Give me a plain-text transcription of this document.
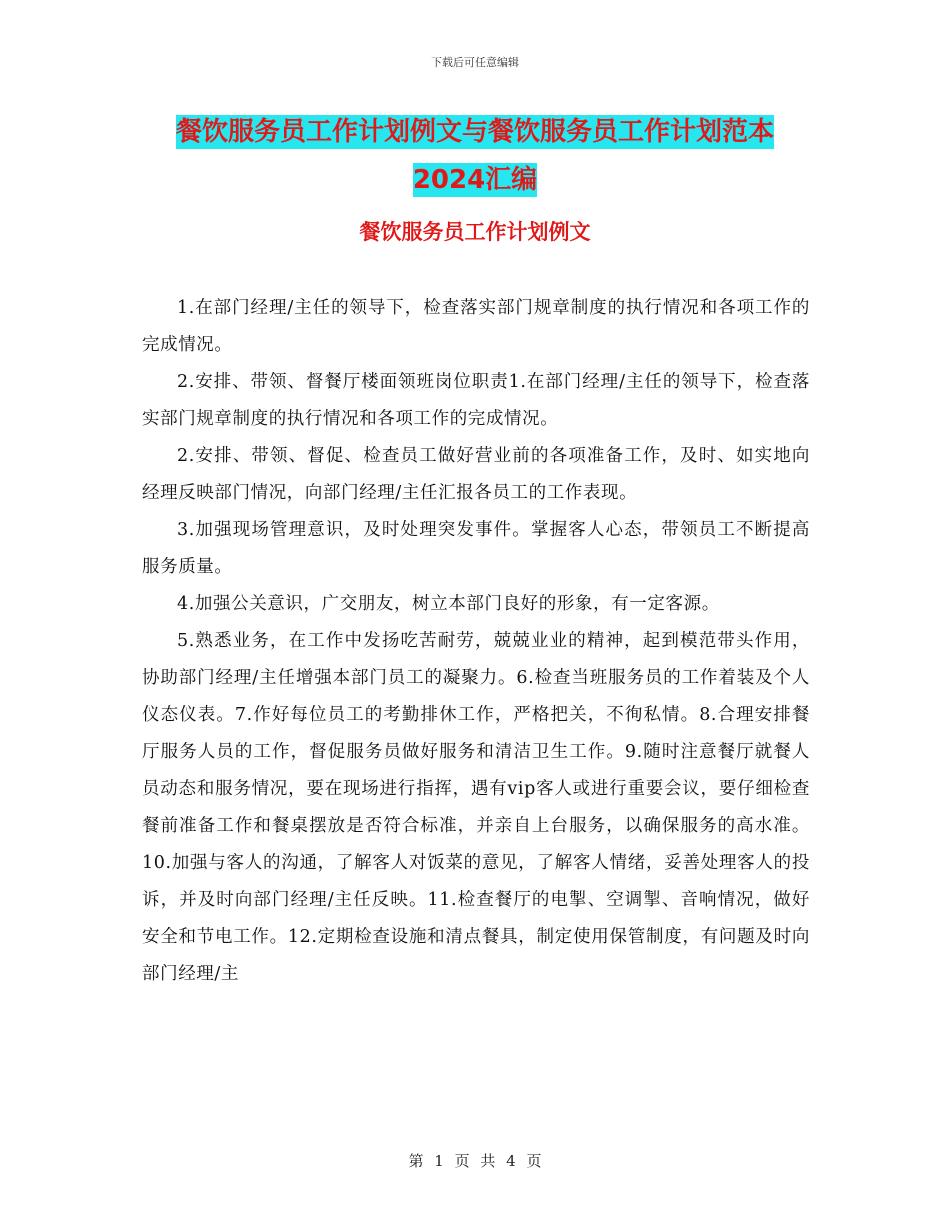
下载后可任意编辑
餐饮服务员工作计划例文与餐饮服务员工作计划范本2024汇编
餐饮服务员工作计划例文

1.在部门经理/主任的领导下，检查落实部门规章制度的执行情况和各项工作的完成情况。

2.安排、带领、督餐厅楼面领班岗位职责1.在部门经理/主任的领导下，检查落实部门规章制度的执行情况和各项工作的完成情况。

2.安排、带领、督促、检查员工做好营业前的各项准备工作，及时、如实地向经理反映部门情况，向部门经理/主任汇报各员工的工作表现。

3.加强现场管理意识，及时处理突发事件。掌握客人心态，带领员工不断提高服务质量。

4.加强公关意识，广交朋友，树立本部门良好的形象，有一定客源。

5.熟悉业务，在工作中发扬吃苦耐劳，兢兢业业的精神，起到模范带头作用，协助部门经理/主任增强本部门员工的凝聚力。6.检查当班服务员的工作着装及个人仪态仪表。7.作好每位员工的考勤排休工作，严格把关，不徇私情。8.合理安排餐厅服务人员的工作，督促服务员做好服务和清洁卫生工作。9.随时注意餐厅就餐人员动态和服务情况，要在现场进行指挥，遇有vip客人或进行重要会议，要仔细检查餐前准备工作和餐桌摆放是否符合标准，并亲自上台服务，以确保服务的高水准。10.加强与客人的沟通，了解客人对饭菜的意见，了解客人情绪，妥善处理客人的投诉，并及时向部门经理/主任反映。11.检查餐厅的电掣、空调掣、音响情况，做好安全和节电工作。12.定期检查设施和清点餐具，制定使用保管制度，有问题及时向部门经理/主

第 1 页 共 4 页
